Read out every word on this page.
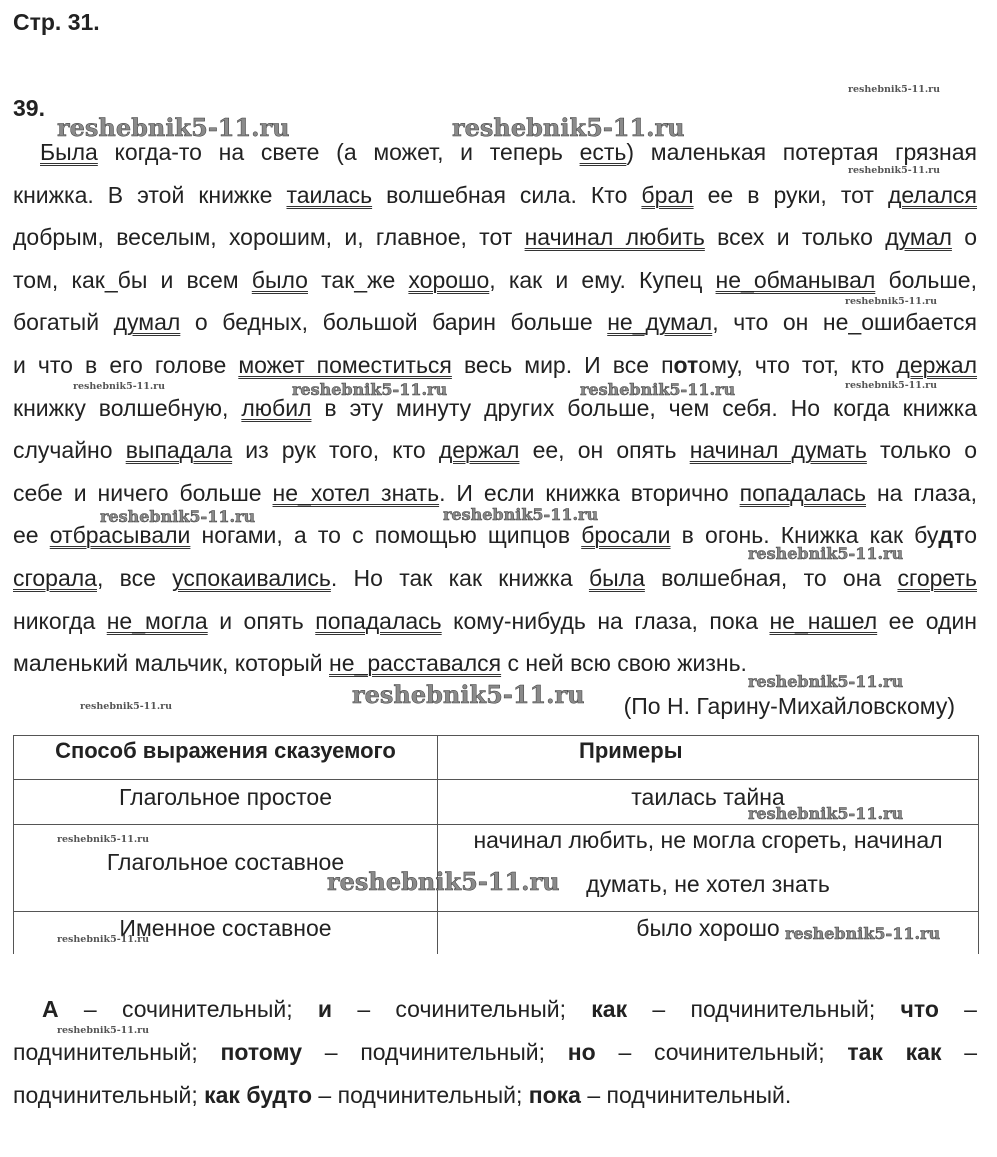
Стр. 31.
39.
Была когда-то на свете (а может, и теперь есть) маленькая потертая грязная
книжка. В этой книжке таилась волшебная сила. Кто брал ее в руки, тот делался
добрым, веселым, хорошим, и, главное, тот начинал любить всех и только думал о
том, как_бы и всем было так_же хорошо, как и ему. Купец не_обманывал больше,
богатый думал о бедных, большой барин больше не_думал, что он не_ошибается
и что в его голове может поместиться весь мир. И все потому, что тот, кто держал
книжку волшебную, любил в эту минуту других больше, чем себя. Но когда книжка
случайно выпадала из рук того, кто держал ее, он опять начинал думать только о
себе и ничего больше не_хотел знать. И если книжка вторично попадалась на глаза,
ее отбрасывали ногами, а то с помощью щипцов бросали в огонь. Книжка как будто
сгорала, все успокаивались. Но так как книжка была волшебная, то она сгореть
никогда не_могла и опять попадалась кому-нибудь на глаза, пока не_нашел ее один
маленький мальчик, который не_расставался с ней всю свою жизнь.
(По Н. Гарину-Михайловскому)
Способ выражения сказуемого	Примеры

Глагольное простое	таилась тайна

Глагольное составное	начинал любить, не могла сгореть, начинал
думать, не хотел знать

Именное составное	было хорошо
А – сочинительный; и – сочинительный; как – подчинительный; что –
подчинительный; потому – подчинительный; но – сочинительный; так как –
подчинительный; как будто – подчинительный; пока – подчинительный.
reshebnik5-11.ru
reshebnik5-11.ru	reshebnik5-11.ru
reshebnik5-11.ru
reshebnik5-11.ru
reshebnik5-11.ru	reshebnik5-11.ru	reshebnik5-11.ru	reshebnik5-11.ru
reshebnik5-11.ru	reshebnik5-11.ru
reshebnik5-11.ru
reshebnik5-11.ru
reshebnik5-11.ru
reshebnik5-11.ru
reshebnik5-11.ru
reshebnik5-11.ru
reshebnik5-11.ru
reshebnik5-11.ru
reshebnik5-11.ru
reshebnik5-11.ru
